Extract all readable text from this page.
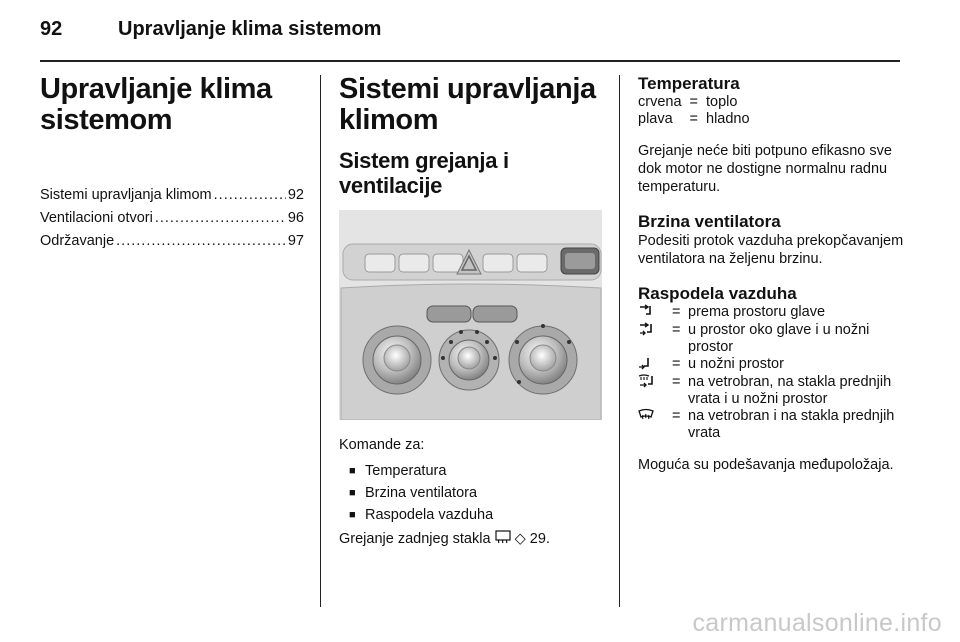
92	Upravljanje klima sistemom
Upravljanje klima
sistemom
Sistemi upravljanja klimom .....	92
Ventilacioni otvori .....	96
Održavanje .....	97
Sistemi upravljanja
klimom
Sistem grejanja i
ventilacije

Komande za:

■ Temperatura
■ Brzina ventilatora
■ Raspodela vazduha

Grejanje zadnjeg stakla ◇ 29.

Temperatura
crvena	=	toplo
plava	=	hladno

Grejanje neće biti potpuno efikasno sve dok motor ne dostigne normalnu radnu temperaturu.

Brzina ventilatora

Podesiti protok vazduha prekopčavanjem ventilatora na željenu brzinu.

Raspodela vazduha
= prema prostoru glave
= u prostor oko glave i u nožni prostor
= u nožni prostor
= na vetrobran, na stakla prednjih vrata i u nožni prostor
= na vetrobran i na stakla prednjih vrata

Moguća su podešavanja međupoložaja.

carmanualsonline.info
